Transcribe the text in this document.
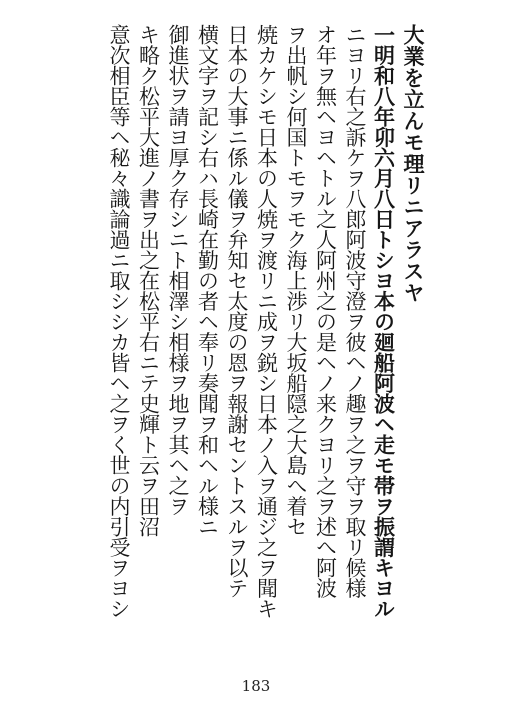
大業を立んモ理リニアラスヤ
一明和八年卯六月八日トシヨ本の廻船阿波ヘ走モ帯ヲ振謂キヨル
ニヨリ右之訴ケヲ八郎阿波守澄ヲ彼ヘノ趣ヲ之ヲ守ヲ取リ候様
オ年ヲ無ヘヨヘトル之人阿州之の是ヘノ来クヨリ之ヲ述へ阿波
ヲ出帆シ何国トモヲモク海上渉リ大坂船隠之大島へ着セ
焼カケシモ日本の人焼ヲ渡リニ成ヲ鋭シ日本ノ入ヲ通ジ之ヲ聞キ
日本の大事ニ係ル儀ヲ弁知セ太度の恩ヲ報謝セントスルヲ以テ
横文字ヲ記シ右ハ長崎在勤の者ヘ奉リ奏聞ヲ和ヘル様ニ
御進状ヲ請ヨ厚ク存シニト相澤シ相様ヲ地ヲ其ヘ之ヲ
キ略ク松平大進ノ書ヲ出之在松平右ニテ史輝ト云ヲ田沼
意次相臣等ヘ秘々識論過ニ取シシカ皆ヘ之ヲく世の内引受ヲヨシ
183
